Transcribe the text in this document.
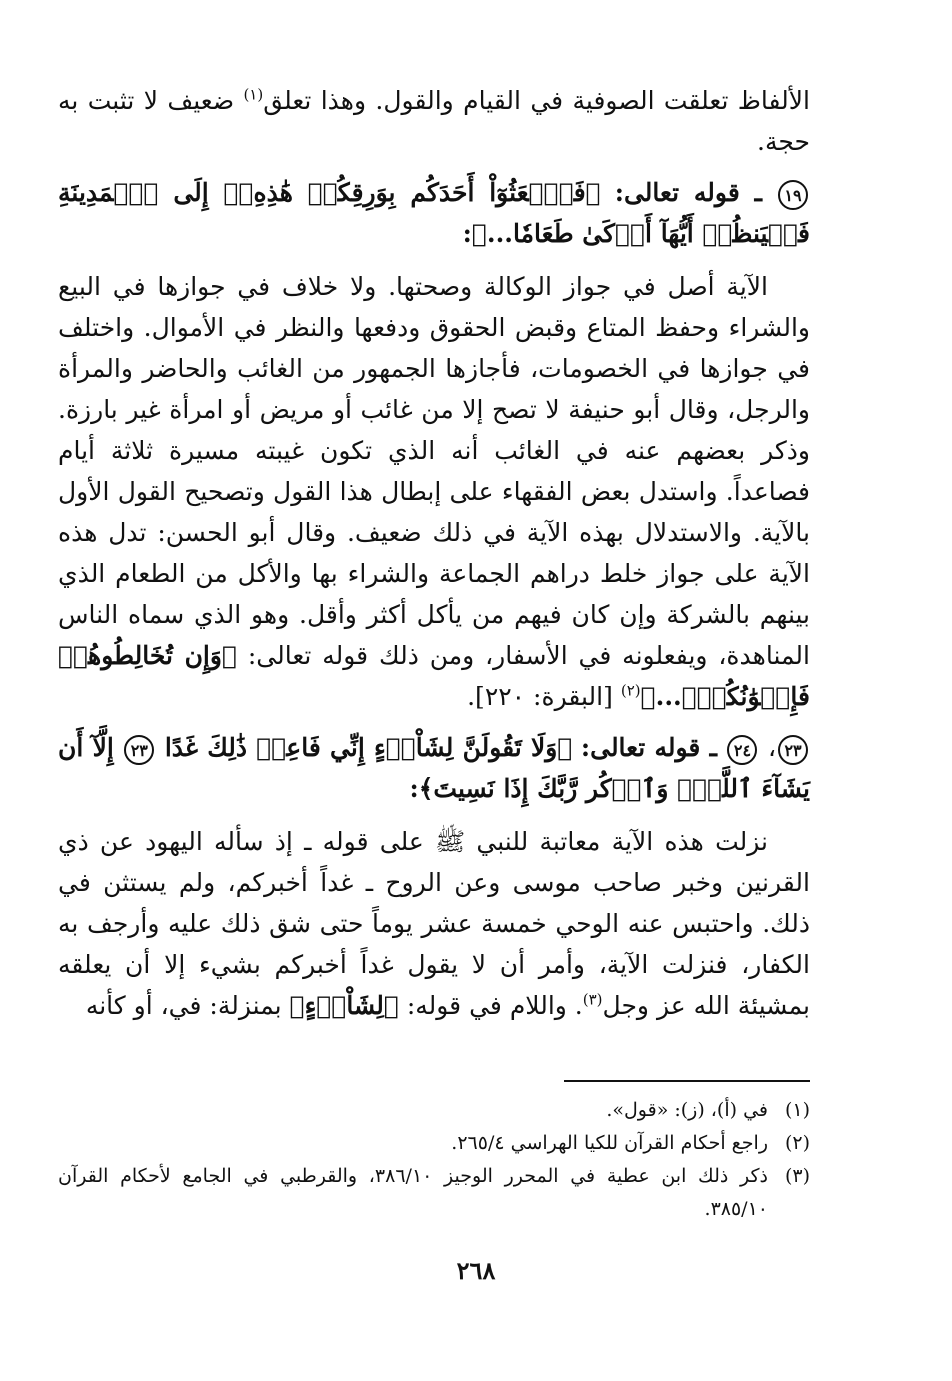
الألفاظ تعلقت الصوفية في القيام والقول. وهذا تعلق$^{(١)}$ ضعيف لا تثبت به حجة.

١٩ ـ قوله تعالى: ﴿فَٱبۡعَثُوٓاْ أَحَدَكُم بِوَرِقِكُمۡ هَٰذِهِۦٓ إِلَى ٱلۡمَدِينَةِ فَلۡيَنظُرۡ أَيُّهَآ أَزۡكَىٰ طَعَامٗا...﴾:

الآية أصل في جواز الوكالة وصحتها. ولا خلاف في جوازها في البيع والشراء وحفظ المتاع وقبض الحقوق ودفعها والنظر في الأموال. واختلف في جوازها في الخصومات، فأجازها الجمهور من الغائب والحاضر والمرأة والرجل، وقال أبو حنيفة لا تصح إلا من غائب أو مريض أو امرأة غير بارزة. وذكر بعضهم عنه في الغائب أنه الذي تكون غيبته مسيرة ثلاثة أيام فصاعداً. واستدل بعض الفقهاء على إبطال هذا القول وتصحيح القول الأول بالآية. والاستدلال بهذه الآية في ذلك ضعيف. وقال أبو الحسن: تدل هذه الآية على جواز خلط دراهم الجماعة والشراء بها والأكل من الطعام الذي بينهم بالشركة وإن كان فيهم من يأكل أكثر وأقل. وهو الذي سماه الناس المناهدة، ويفعلونه في الأسفار، ومن ذلك قوله تعالى: ﴿وَإِن تُخَالِطُوهُمۡ فَإِخۡوَٰنُكُمۡۚ...﴾$^{(٢)}$ [البقرة: ٢٢٠].

٢٣، ٢٤ ـ قوله تعالى: ﴿وَلَا تَقُولَنَّ لِشَاْيۡءٍ إِنِّي فَاعِلٞ ذَٰلِكَ غَدًا ٢٣ إِلَّآ أَن يَشَآءَ ٱللَّهُۚ وَٱذۡكُر رَّبَّكَ إِذَا نَسِيتَ﴾:

نزلت هذه الآية معاتبة للنبي ﷺ على قوله ـ إذ سأله اليهود عن ذي القرنين وخبر صاحب موسى وعن الروح ـ غداً أخبركم، ولم يستثن في ذلك. واحتبس عنه الوحي خمسة عشر يوماً حتى شق ذلك عليه وأرجف به الكفار، فنزلت الآية، وأمر أن لا يقول غداً أخبركم بشيء إلا أن يعلقه بمشيئة الله عز وجل$^{(٣)}$. واللام في قوله: ﴿لِشَاْيۡءٍ﴾ بمنزلة: في، أو كأنه

(١)
في (أ)، (ز): «قول».
(٢)
راجع أحكام القرآن للكيا الهراسي ٢٦٥/٤.
(٣)
ذكر ذلك ابن عطية في المحرر الوجيز ٣٨٦/١٠، والقرطبي في الجامع لأحكام القرآن ٣٨٥/١٠.
٢٦٨
